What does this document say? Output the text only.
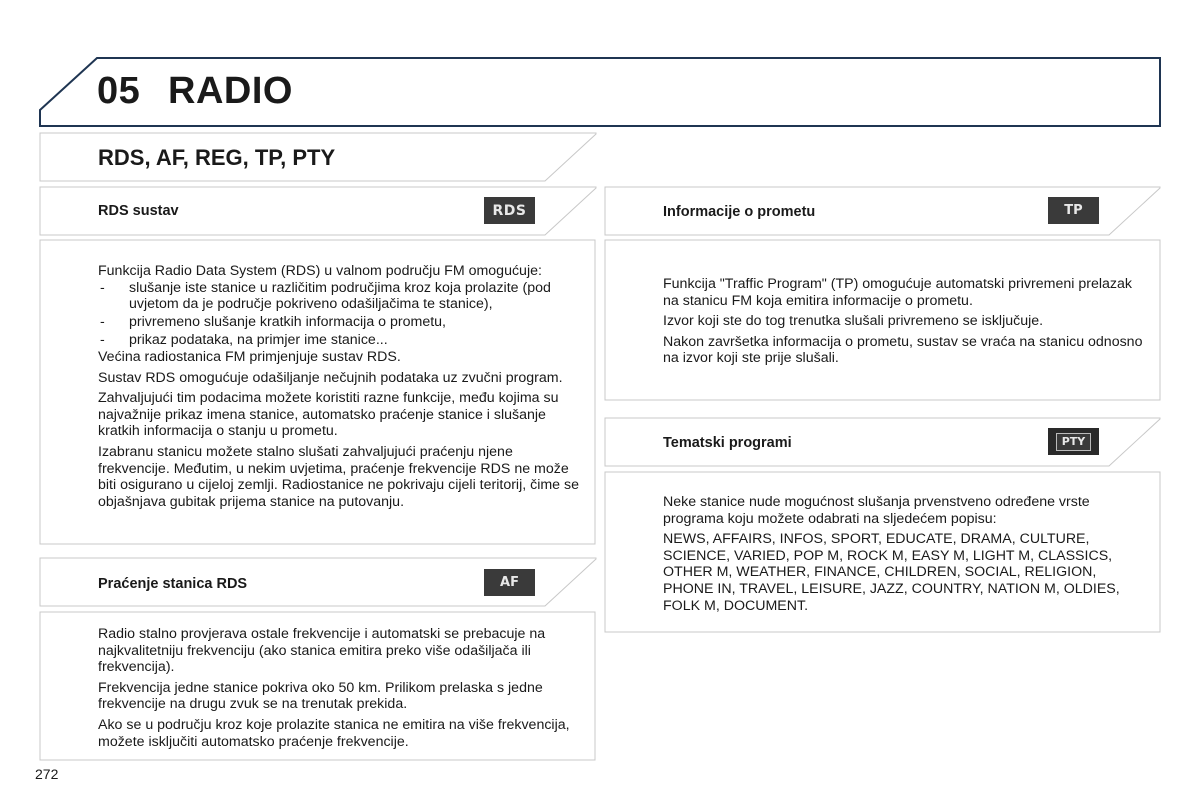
05 RADIO
RDS, AF, REG, TP, PTY
RDS sustav	RDS
Funkcija Radio Data System (RDS) u valnom području FM omogućuje:
- slušanje iste stanice u različitim područjima kroz koja prolazite (pod uvjetom da je područje pokriveno odašiljačima te stanice),
- privremeno slušanje kratkih informacija o prometu,
- prikaz podataka, na primjer ime stanice...

Većina radiostanica FM primjenjuje sustav RDS.

Sustav RDS omogućuje odašiljanje nečujnih podataka uz zvučni program.

Zahvaljujući tim podacima možete koristiti razne funkcije, među kojima su najvažnije prikaz imena stanice, automatsko praćenje stanice i slušanje kratkih informacija o stanju u prometu.

Izabranu stanicu možete stalno slušati zahvaljujući praćenju njene frekvencije. Međutim, u nekim uvjetima, praćenje frekvencije RDS ne može biti osigurano u cijeloj zemlji. Radiostanice ne pokrivaju cijeli teritorij, čime se objašnjava gubitak prijema stanice na putovanju.

Praćenje stanica RDS	AF

Radio stalno provjerava ostale frekvencije i automatski se prebacuje na najkvalitetniju frekvenciju (ako stanica emitira preko više odašiljača ili frekvencija).

Frekvencija jedne stanice pokriva oko 50 km. Prilikom prelaska s jedne frekvencije na drugu zvuk se na trenutak prekida.

Ako se u području kroz koje prolazite stanica ne emitira na više frekvencija, možete isključiti automatsko praćenje frekvencije.

Informacije o prometu	TP

Funkcija "Traffic Program" (TP) omogućuje automatski privremeni prelazak na stanicu FM koja emitira informacije o prometu.

Izvor koji ste do tog trenutka slušali privremeno se isključuje.

Nakon završetka informacija o prometu, sustav se vraća na stanicu odnosno na izvor koji ste prije slušali.

Tematski programi	PTY

Neke stanice nude mogućnost slušanja prvenstveno određene vrste programa koju možete odabrati na sljedećem popisu:

NEWS, AFFAIRS, INFOS, SPORT, EDUCATE, DRAMA, CULTURE, SCIENCE, VARIED, POP M, ROCK M, EASY M, LIGHT M, CLASSICS, OTHER M, WEATHER, FINANCE, CHILDREN, SOCIAL, RELIGION, PHONE IN, TRAVEL, LEISURE, JAZZ, COUNTRY, NATION M, OLDIES, FOLK M, DOCUMENT.

272
